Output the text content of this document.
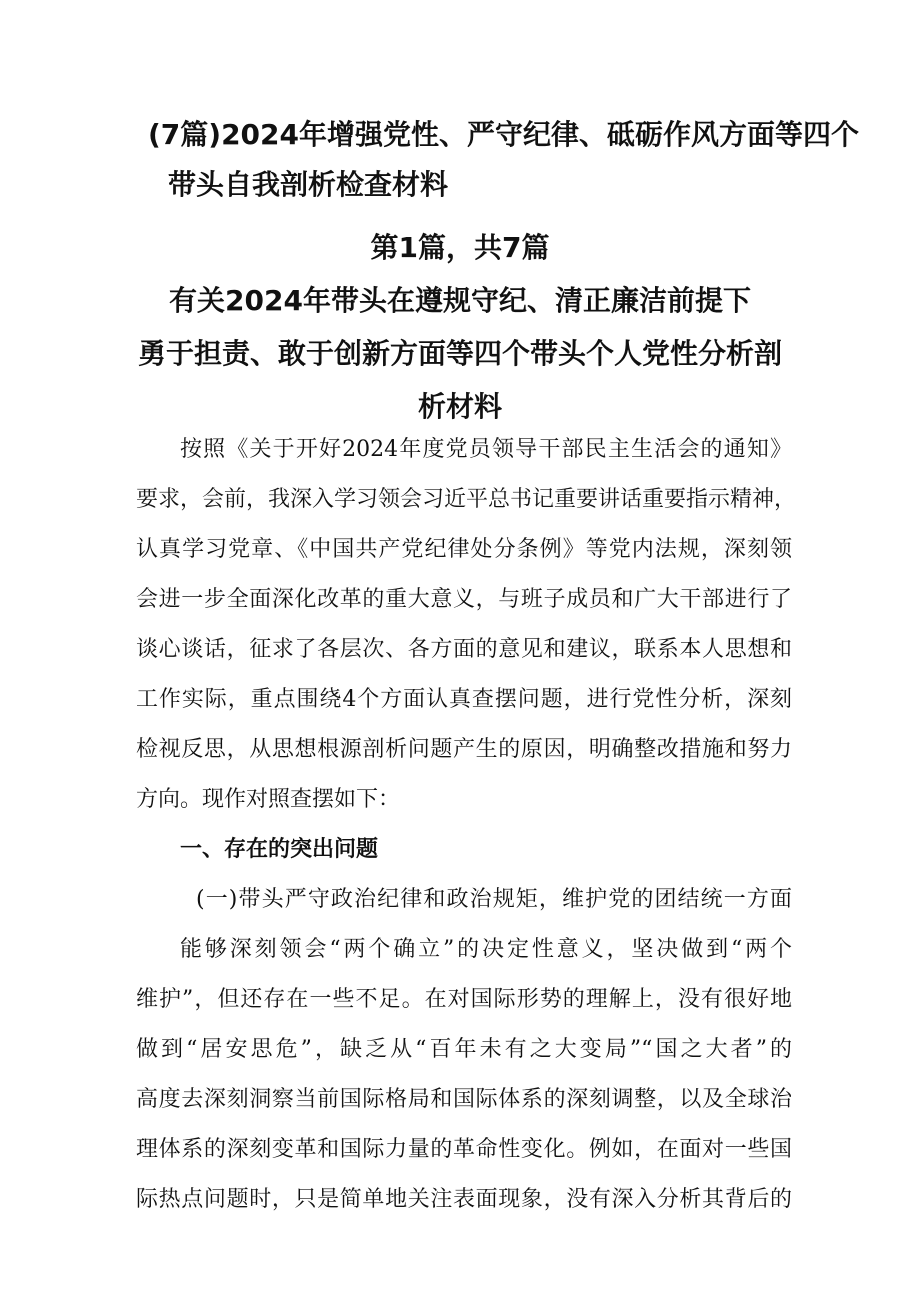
(7篇)2024年增强党性、严守纪律、砥砺作风方面等四个
带头自我剖析检查材料
第1篇，共7篇
有关2024年带头在遵规守纪、清正廉洁前提下
勇于担责、敢于创新方面等四个带头个人党性分析剖
析材料
按照《关于开好2024年度党员领导干部民主生活会的通知》
要求，会前，我深入学习领会习近平总书记重要讲话重要指示精神，
认真学习党章、《中国共产党纪律处分条例》等党内法规，深刻领
会进一步全面深化改革的重大意义，与班子成员和广大干部进行了
谈心谈话，征求了各层次、各方面的意见和建议，联系本人思想和
工作实际，重点围绕4个方面认真查摆问题，进行党性分析，深刻
检视反思，从思想根源剖析问题产生的原因，明确整改措施和努力
方向。现作对照查摆如下：
一、存在的突出问题
(一)带头严守政治纪律和政治规矩，维护党的团结统一方面
能够深刻领会“两个确立”的决定性意义，坚决做到“两个
维护”，但还存在一些不足。在对国际形势的理解上，没有很好地
做到“居安思危”，缺乏从“百年未有之大变局”“国之大者”的
高度去深刻洞察当前国际格局和国际体系的深刻调整，以及全球治
理体系的深刻变革和国际力量的革命性变化。例如，在面对一些国
际热点问题时，只是简单地关注表面现象，没有深入分析其背后的
